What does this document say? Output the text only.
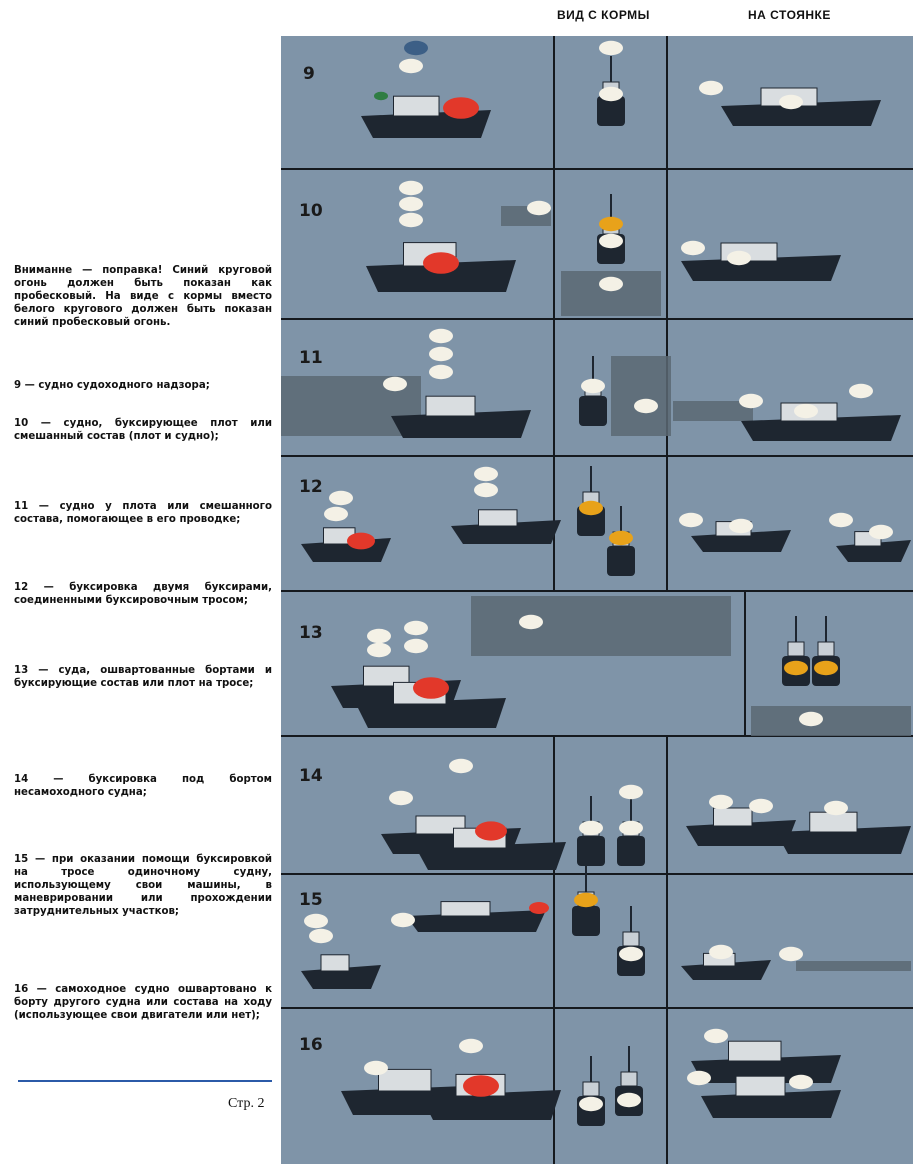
ВИД С КОРМЫ	НА СТОЯНКЕ
Вниманне — поправка! Синий круговой огонь должен быть показан как пробесковый. На виде с кормы вместо белого кругового должен быть показан синий пробесковый огонь.
9 — судно судоходного надзора;
10 — судно, буксирующее плот или смешанный состав (плот и судно);
11 — судно у плота или смешанного состава, помогающее в его проводке;
12 — буксировка двумя буксирами, соединенными буксировочным тросом;
13 — суда, ошвартованные бортами и буксирующие состав или плот на тросе;
14 — буксировка под бортом несамоходного судна;
15 — при оказании помощи буксировкой на тросе одиночному судну, использующему свои машины, в маневрировании или прохождении затруднительных участков;
16 — самоходное судно ошвартовано к борту другого судна или состава на ходу (использующее свои двигатели или нет);
Стр. 2
9
10
11
12
13
14
15
16
